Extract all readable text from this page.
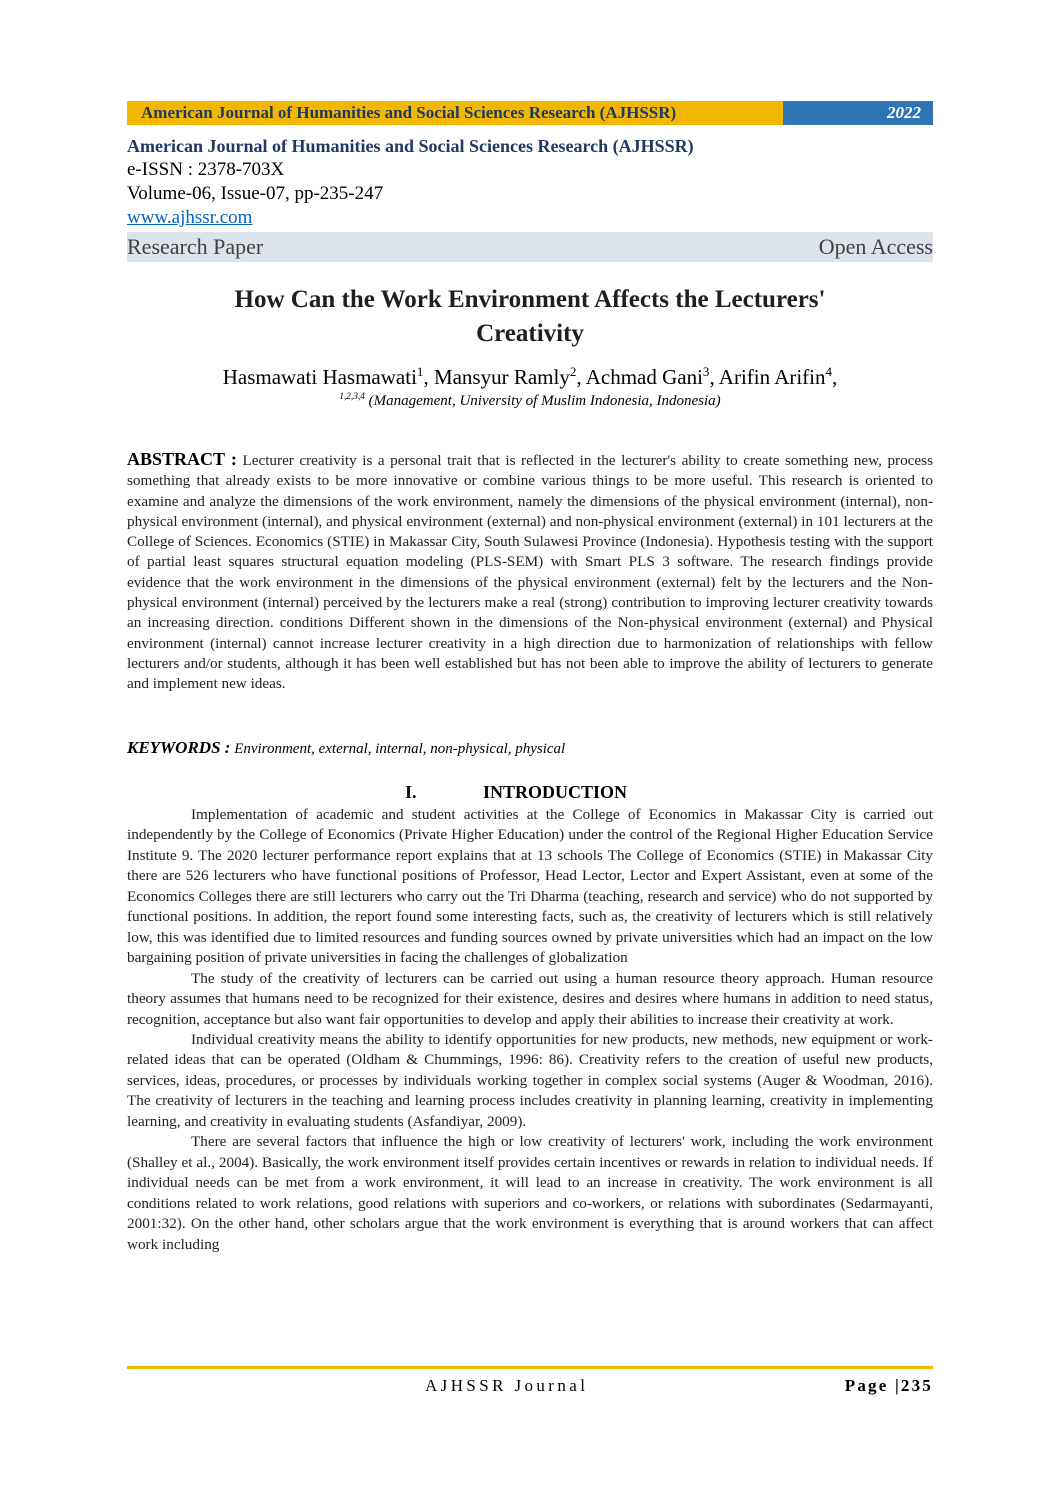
American Journal of Humanities and Social Sciences Research (AJHSSR)	2022
American Journal of Humanities and Social Sciences Research (AJHSSR)
e-ISSN : 2378-703X
Volume-06, Issue-07, pp-235-247
www.ajhssr.com
Research Paper	Open Access
How Can the Work Environment Affects the Lecturers'
Creativity
Hasmawati Hasmawati$^1$, Mansyur Ramly$^2$, Achmad Gani$^3$, Arifin Arifin$^4$,
$^{1,2,3,4}$ (Management, University of Muslim Indonesia, Indonesia)
ABSTRACT : Lecturer creativity is a personal trait that is reflected in the lecturer's ability to create something new, process something that already exists to be more innovative or combine various things to be more useful. This research is oriented to examine and analyze the dimensions of the work environment, namely the dimensions of the physical environment (internal), non-physical environment (internal), and physical environment (external) and non-physical environment (external) in 101 lecturers at the College of Sciences. Economics (STIE) in Makassar City, South Sulawesi Province (Indonesia). Hypothesis testing with the support of partial least squares structural equation modeling (PLS-SEM) with Smart PLS 3 software. The research findings provide evidence that the work environment in the dimensions of the physical environment (external) felt by the lecturers and the Non-physical environment (internal) perceived by the lecturers make a real (strong) contribution to improving lecturer creativity towards an increasing direction. conditions Different shown in the dimensions of the Non-physical environment (external) and Physical environment (internal) cannot increase lecturer creativity in a high direction due to harmonization of relationships with fellow lecturers and/or students, although it has been well established but has not been able to improve the ability of lecturers to generate and implement new ideas.
KEYWORDS : Environment, external, internal, non-physical, physical
I.	INTRODUCTION

Implementation of academic and student activities at the College of Economics in Makassar City is carried out independently by the College of Economics (Private Higher Education) under the control of the Regional Higher Education Service Institute 9. The 2020 lecturer performance report explains that at 13 schools The College of Economics (STIE) in Makassar City there are 526 lecturers who have functional positions of Professor, Head Lector, Lector and Expert Assistant, even at some of the Economics Colleges there are still lecturers who carry out the Tri Dharma (teaching, research and service) who do not supported by functional positions. In addition, the report found some interesting facts, such as, the creativity of lecturers which is still relatively low, this was identified due to limited resources and funding sources owned by private universities which had an impact on the low bargaining position of private universities in facing the challenges of globalization

The study of the creativity of lecturers can be carried out using a human resource theory approach. Human resource theory assumes that humans need to be recognized for their existence, desires and desires where humans in addition to need status, recognition, acceptance but also want fair opportunities to develop and apply their abilities to increase their creativity at work.

Individual creativity means the ability to identify opportunities for new products, new methods, new equipment or work-related ideas that can be operated (Oldham & Chummings, 1996: 86). Creativity refers to the creation of useful new products, services, ideas, procedures, or processes by individuals working together in complex social systems (Auger & Woodman, 2016). The creativity of lecturers in the teaching and learning process includes creativity in planning learning, creativity in implementing learning, and creativity in evaluating students (Asfandiyar, 2009).

There are several factors that influence the high or low creativity of lecturers' work, including the work environment (Shalley et al., 2004). Basically, the work environment itself provides certain incentives or rewards in relation to individual needs. If individual needs can be met from a work environment, it will lead to an increase in creativity. The work environment is all conditions related to work relations, good relations with superiors and co-workers, or relations with subordinates (Sedarmayanti, 2001:32). On the other hand, other scholars argue that the work environment is everything that is around workers that can affect work including

AJHSSR Journal	Page |235
